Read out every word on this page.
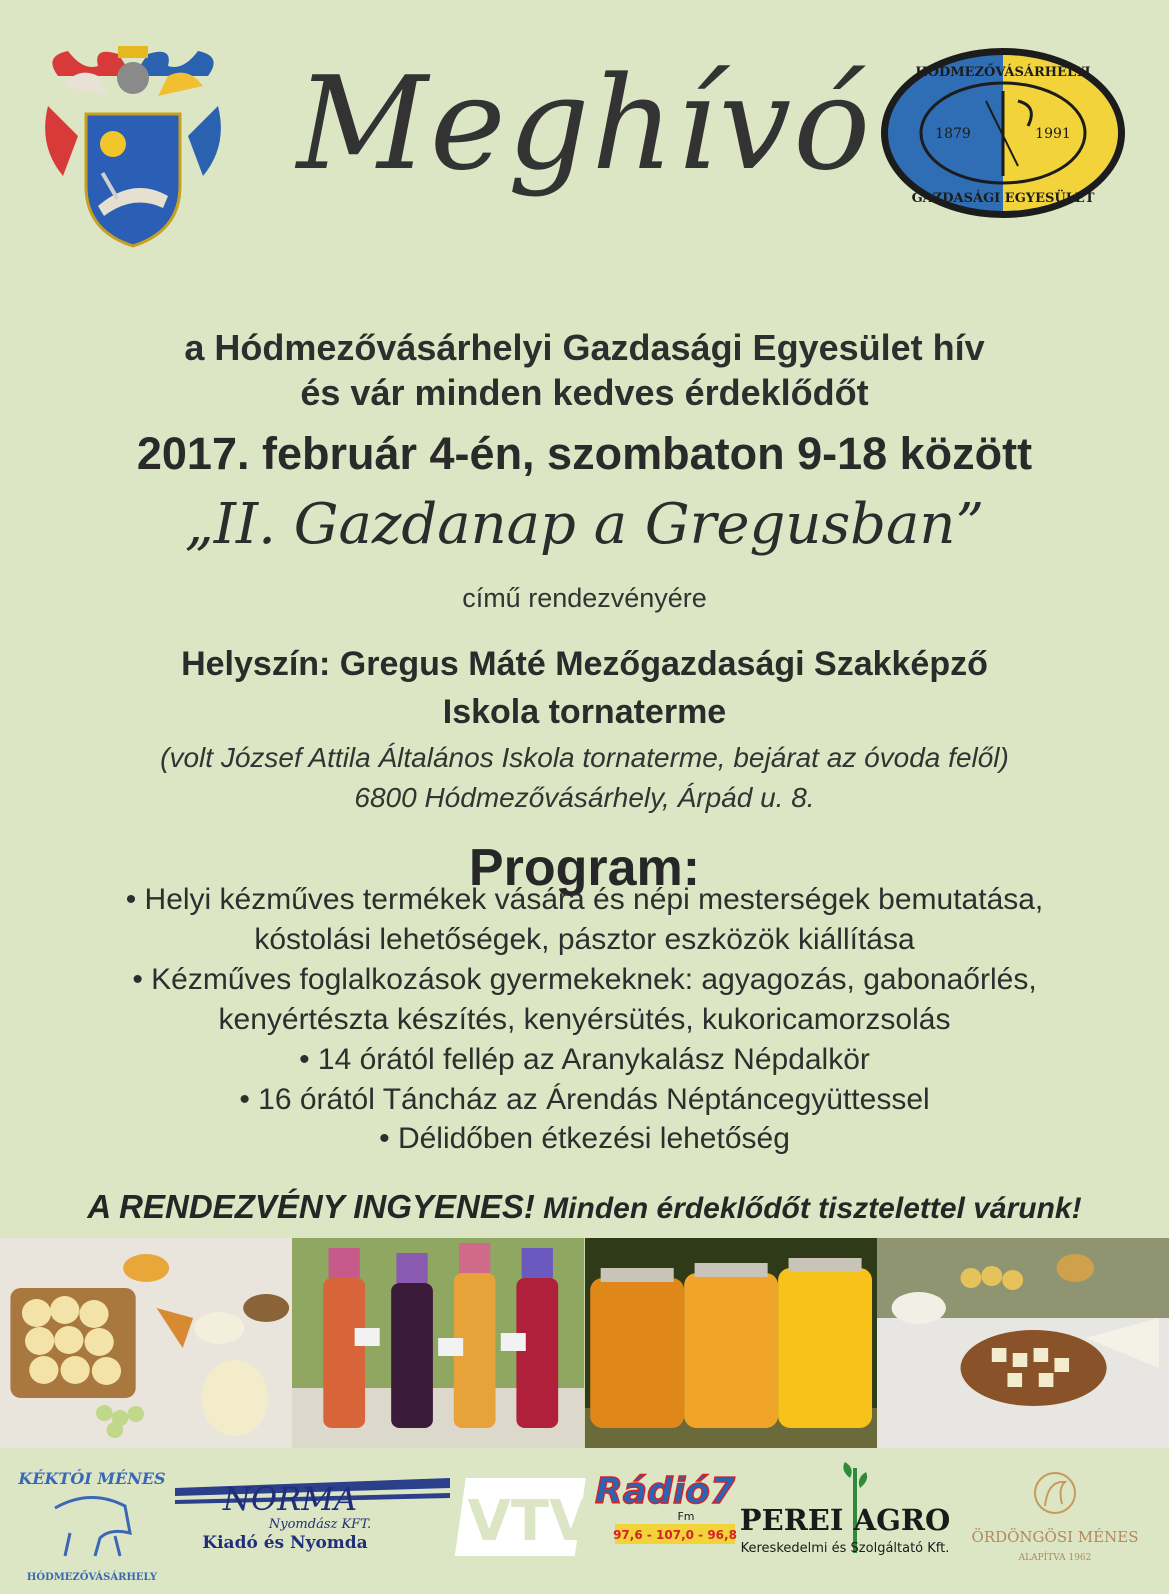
1879	1991
HÓDMEZŐVÁSÁRHELYI
GAZDASÁGI EGYESÜLET
Meghívó
a Hódmezővásárhelyi Gazdasági Egyesület hív
és vár minden kedves érdeklődőt
2017. február 4-én, szombaton 9-18 között
„II. Gazdanap a Gregusban”
című rendezvényére
Helyszín: Gregus Máté Mezőgazdasági Szakképző
Iskola tornaterme
(volt József Attila Általános Iskola tornaterme, bejárat az óvoda felől)
6800 Hódmezővásárhely, Árpád u. 8.
Program:
• Helyi kézműves termékek vására és népi mesterségek bemutatása,
kóstolási lehetőségek, pásztor eszközök kiállítása
• Kézműves foglalkozások gyermekeknek: agyagozás, gabonaőrlés,
kenyértészta készítés, kenyérsütés, kukoricamorzsolás
• 14 órától fellép az Aranykalász Népdalkör
• 16 órától Táncház az Árendás Néptáncegyüttessel
• Délidőben étkezési lehetőség
A RENDEZVÉNY INGYENES! Minden érdeklődőt tisztelettel várunk!
KÉKTÓI MÉNES
HÓDMEZŐVÁSÁRHELY
NORMA
Nyomdász KFT.
Kiadó és Nyomda VTV Rádió7
Fm
97,6 - 107,0 - 96,8 PEREI AGRO
Kereskedelmi és Szolgáltató Kft.
ÖRDÖNGÖSI MÉNES
ALAPÍTVA 1962
